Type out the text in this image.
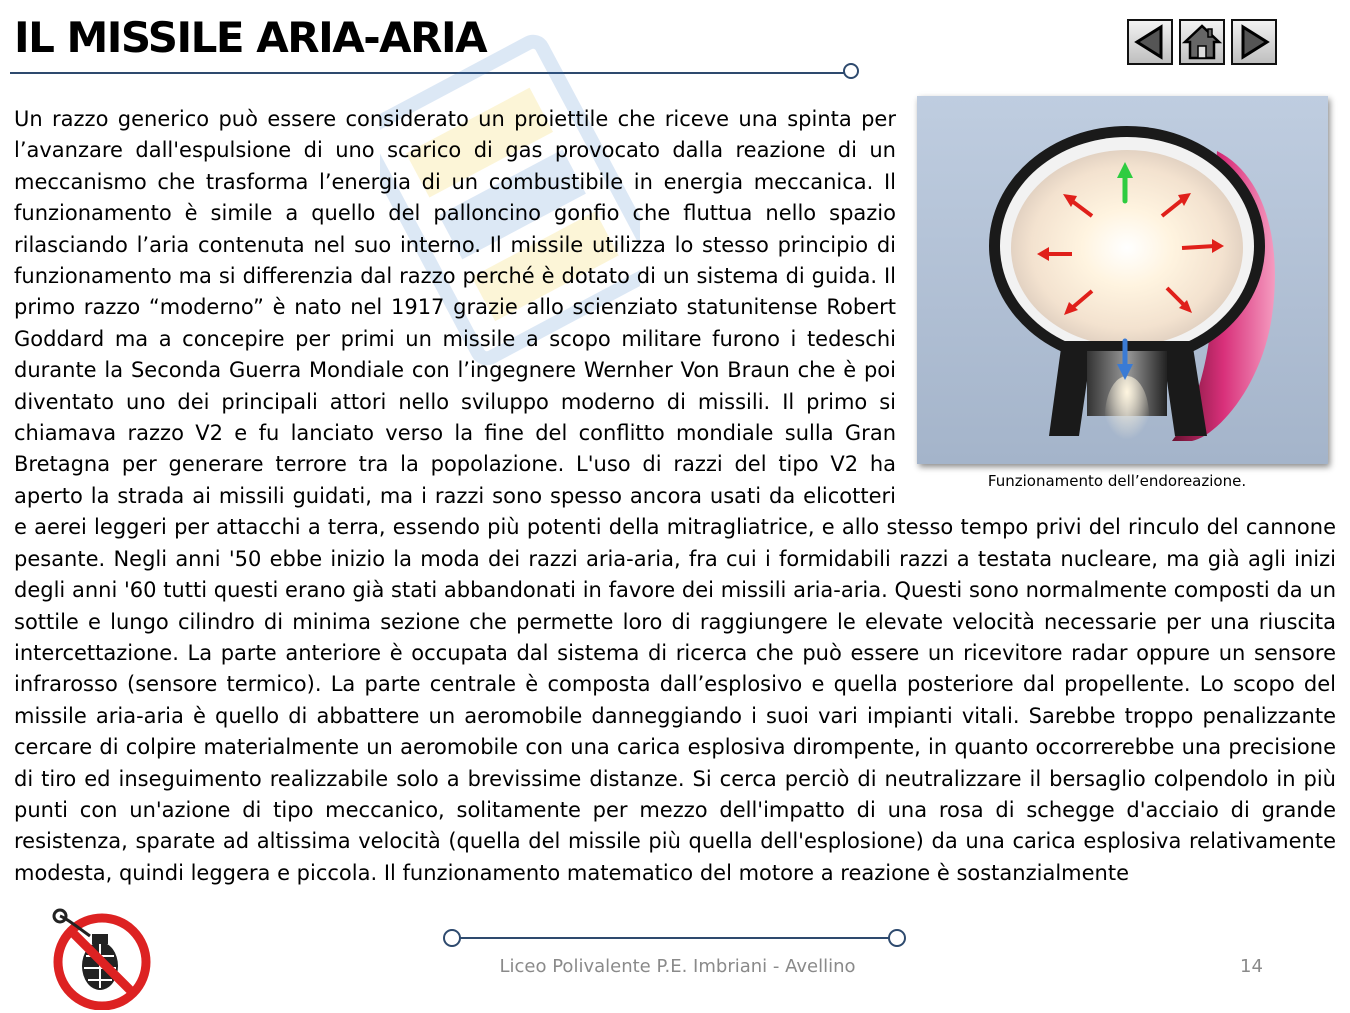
IL MISSILE ARIA-ARIA
Un razzo generico può essere considerato un proiettile che riceve una spinta per l’avanzare dall'espulsione di uno scarico di gas provocato dalla reazione di un meccanismo che trasforma l’energia di un combustibile in energia meccanica. Il funzionamento è simile a quello del palloncino gonfio che fluttua nello spazio rilasciando l’aria contenuta nel suo interno. Il missile utilizza lo stesso principio di funzionamento ma si differenzia dal razzo perché è dotato di un sistema di guida. Il primo razzo “moderno” è nato nel 1917 grazie allo scienziato statunitense Robert Goddard ma a concepire per primi un missile a scopo militare furono i tedeschi durante la Seconda Guerra Mondiale con l’ingegnere Wernher Von Braun che è poi diventato uno dei principali attori nello sviluppo moderno di missili. Il primo si chiamava razzo V2 e fu lanciato verso la fine del conflitto mondiale sulla Gran Bretagna per generare terrore tra la popolazione. L'uso di razzi del tipo V2 ha aperto la strada ai missili guidati, ma i razzi sono spesso ancora usati da elicotteri e aerei leggeri per attacchi a terra, essendo più potenti della mitragliatrice, e allo stesso tempo privi del rinculo del cannone pesante. Negli anni '50 ebbe inizio la moda dei razzi aria-aria, fra cui i formidabili razzi a testata nucleare, ma già agli inizi degli anni '60 tutti questi erano già stati abbandonati in favore dei missili aria-aria. Questi sono normalmente composti da un sottile e lungo cilindro di minima sezione che permette loro di raggiungere le elevate velocità necessarie per una riuscita intercettazione. La parte anteriore è occupata dal sistema di ricerca che può essere un ricevitore radar oppure un sensore infrarosso (sensore termico). La parte centrale è composta dall’esplosivo e quella posteriore dal propellente. Lo scopo del missile aria-aria è quello di abbattere un aeromobile danneggiando i suoi vari impianti vitali. Sarebbe troppo penalizzante cercare di colpire materialmente un aeromobile con una carica esplosiva dirompente, in quanto occorrerebbe una precisione di tiro ed inseguimento realizzabile solo a brevissime distanze. Si cerca perciò di neutralizzare il bersaglio colpendolo in più punti con un'azione di tipo meccanico, solitamente per mezzo dell'impatto di una rosa di schegge d'acciaio di grande resistenza, sparate ad altissima velocità (quella del missile più quella dell'esplosione) da una carica esplosiva relativamente modesta, quindi leggera e piccola. Il funzionamento matematico del motore a reazione è sostanzialmente
Funzionamento dell’endoreazione.
Liceo Polivalente P.E. Imbriani - Avellino	14
